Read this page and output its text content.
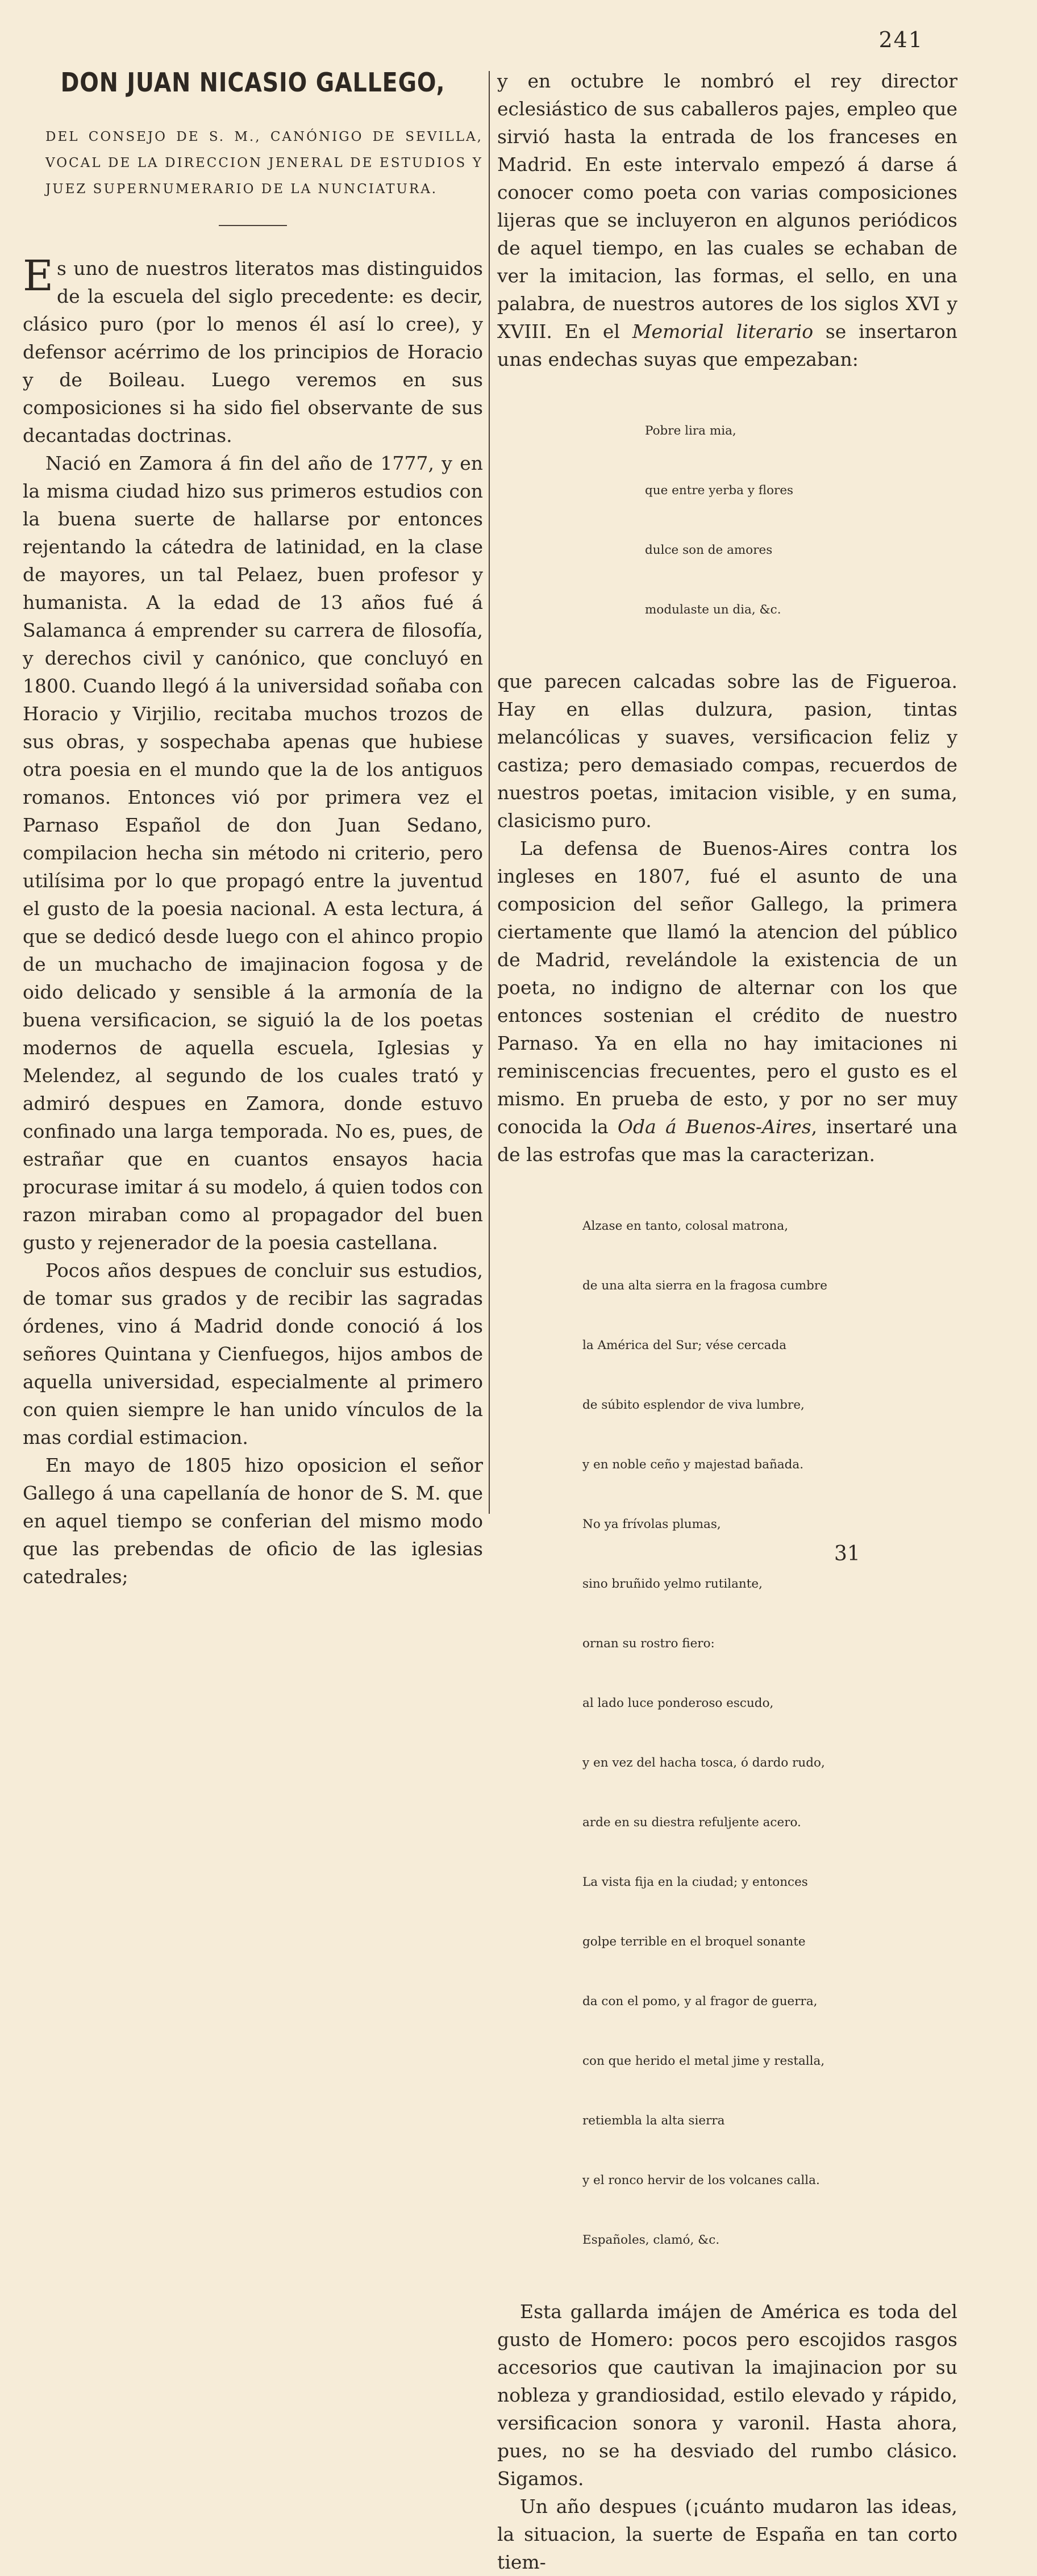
241
DON JUAN NICASIO GALLEGO,
DEL CONSEJO DE S. M., CANÓNIGO DE SEVILLA, VOCAL DE LA DIRECCION JENERAL DE ESTUDIOS Y JUEZ SUPERNUMERARIO DE LA NUNCIATURA.

Es uno de nuestros literatos mas distinguidos de la escuela del siglo precedente: es decir, clásico puro (por lo menos él así lo cree), y defensor acérrimo de los principios de Horacio y de Boileau. Luego veremos en sus composiciones si ha sido fiel observante de sus decantadas doctrinas.

Nació en Zamora á fin del año de 1777, y en la misma ciudad hizo sus primeros estudios con la buena suerte de hallarse por entonces rejentando la cátedra de latinidad, en la clase de mayores, un tal Pelaez, buen profesor y humanista. A la edad de 13 años fué á Salamanca á emprender su carrera de filosofía, y derechos civil y canónico, que concluyó en 1800. Cuando llegó á la universidad soñaba con Horacio y Virjilio, recitaba muchos trozos de sus obras, y sospechaba apenas que hubiese otra poesia en el mundo que la de los antiguos romanos. Entonces vió por primera vez el Parnaso Español de don Juan Sedano, compilacion hecha sin método ni criterio, pero utilísima por lo que propagó entre la juventud el gusto de la poesia nacional. A esta lectura, á que se dedicó desde luego con el ahinco propio de un muchacho de imajinacion fogosa y de oido delicado y sensible á la armonía de la buena versificacion, se siguió la de los poetas modernos de aquella escuela, Iglesias y Melendez, al segundo de los cuales trató y admiró despues en Zamora, donde estuvo confinado una larga temporada. No es, pues, de estrañar que en cuantos ensayos hacia procurase imitar á su modelo, á quien todos con razon miraban como al propagador del buen gusto y rejenerador de la poesia castellana.

Pocos años despues de concluir sus estudios, de tomar sus grados y de recibir las sagradas órdenes, vino á Madrid donde conoció á los señores Quintana y Cienfuegos, hijos ambos de aquella universidad, especialmente al primero con quien siempre le han unido vínculos de la mas cordial estimacion.

En mayo de 1805 hizo oposicion el señor Gallego á una capellanía de honor de S. M. que en aquel tiempo se conferian del mismo modo que las prebendas de oficio de las iglesias catedrales;

y en octubre le nombró el rey director eclesiástico de sus caballeros pajes, empleo que sirvió hasta la entrada de los franceses en Madrid. En este intervalo empezó á darse á conocer como poeta con varias composiciones lijeras que se incluyeron en algunos periódicos de aquel tiempo, en las cuales se echaban de ver la imitacion, las formas, el sello, en una palabra, de nuestros autores de los siglos XVI y XVIII. En el Memorial literario se insertaron unas endechas suyas que empezaban:

Pobre lira mia,

que entre yerba y flores

dulce son de amores

modulaste un dia, &c.

que parecen calcadas sobre las de Figueroa. Hay en ellas dulzura, pasion, tintas melancólicas y suaves, versificacion feliz y castiza; pero demasiado compas, recuerdos de nuestros poetas, imitacion visible, y en suma, clasicismo puro.

La defensa de Buenos-Aires contra los ingleses en 1807, fué el asunto de una composicion del señor Gallego, la primera ciertamente que llamó la atencion del público de Madrid, revelándole la existencia de un poeta, no indigno de alternar con los que entonces sostenian el crédito de nuestro Parnaso. Ya en ella no hay imitaciones ni reminiscencias frecuentes, pero el gusto es el mismo. En prueba de esto, y por no ser muy conocida la Oda á Buenos-Aires, insertaré una de las estrofas que mas la caracterizan.

Alzase en tanto, colosal matrona,

de una alta sierra en la fragosa cumbre

la América del Sur; vése cercada

de súbito esplendor de viva lumbre,

y en noble ceño y majestad bañada.

No ya frívolas plumas,

sino bruñido yelmo rutilante,

ornan su rostro fiero:

al lado luce ponderoso escudo,

y en vez del hacha tosca, ó dardo rudo,

arde en su diestra refuljente acero.

La vista fija en la ciudad; y entonces

golpe terrible en el broquel sonante

da con el pomo, y al fragor de guerra,

con que herido el metal jime y restalla,

retiembla la alta sierra

y el ronco hervir de los volcanes calla.

Españoles, clamó, &c.

Esta gallarda imájen de América es toda del gusto de Homero: pocos pero escojidos rasgos accesorios que cautivan la imajinacion por su nobleza y grandiosidad, estilo elevado y rápido, versificacion sonora y varonil. Hasta ahora, pues, no se ha desviado del rumbo clásico. Sigamos.

Un año despues (¡cuánto mudaron las ideas, la situacion, la suerte de España en tan corto tiem-

31
